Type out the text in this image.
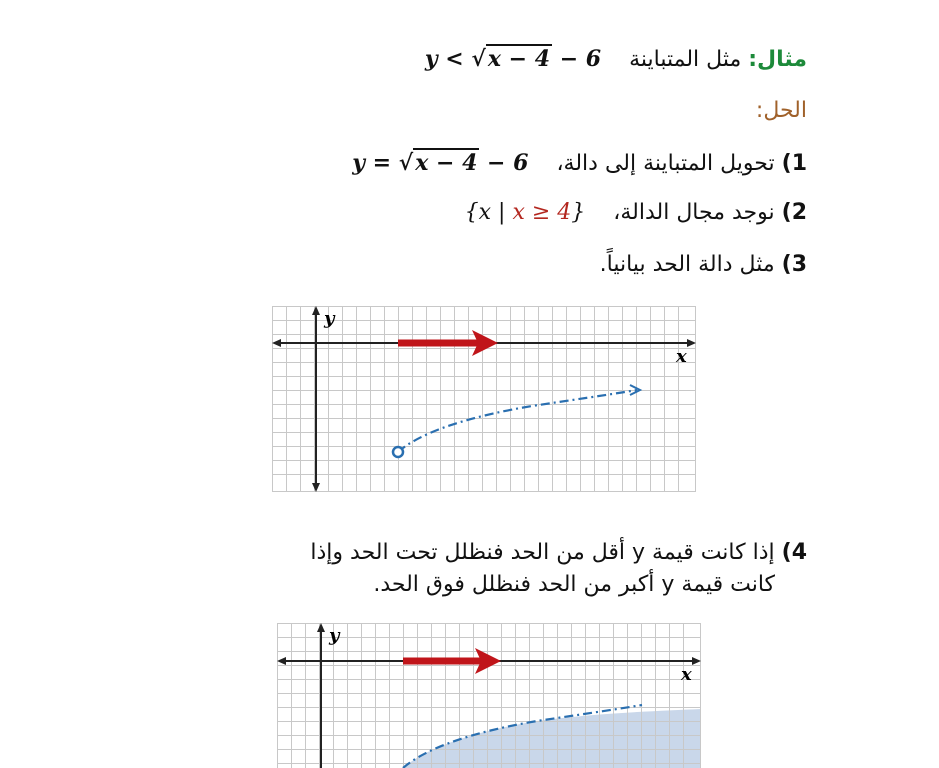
مثال: مثل المتباينة    y < √x − 4 − 6
الحل:
1) تحويل المتباينة إلى دالة،    y = √x − 4 − 6
2) نوجد مجال الدالة،    {x | x ≥ 4}
3) مثل دالة الحد بيانياً.
y
x
4) إذا كانت قيمة y أقل من الحد فنظلل تحت الحد وإذا
كانت قيمة y أكبر من الحد فنظلل فوق الحد.
y
x
